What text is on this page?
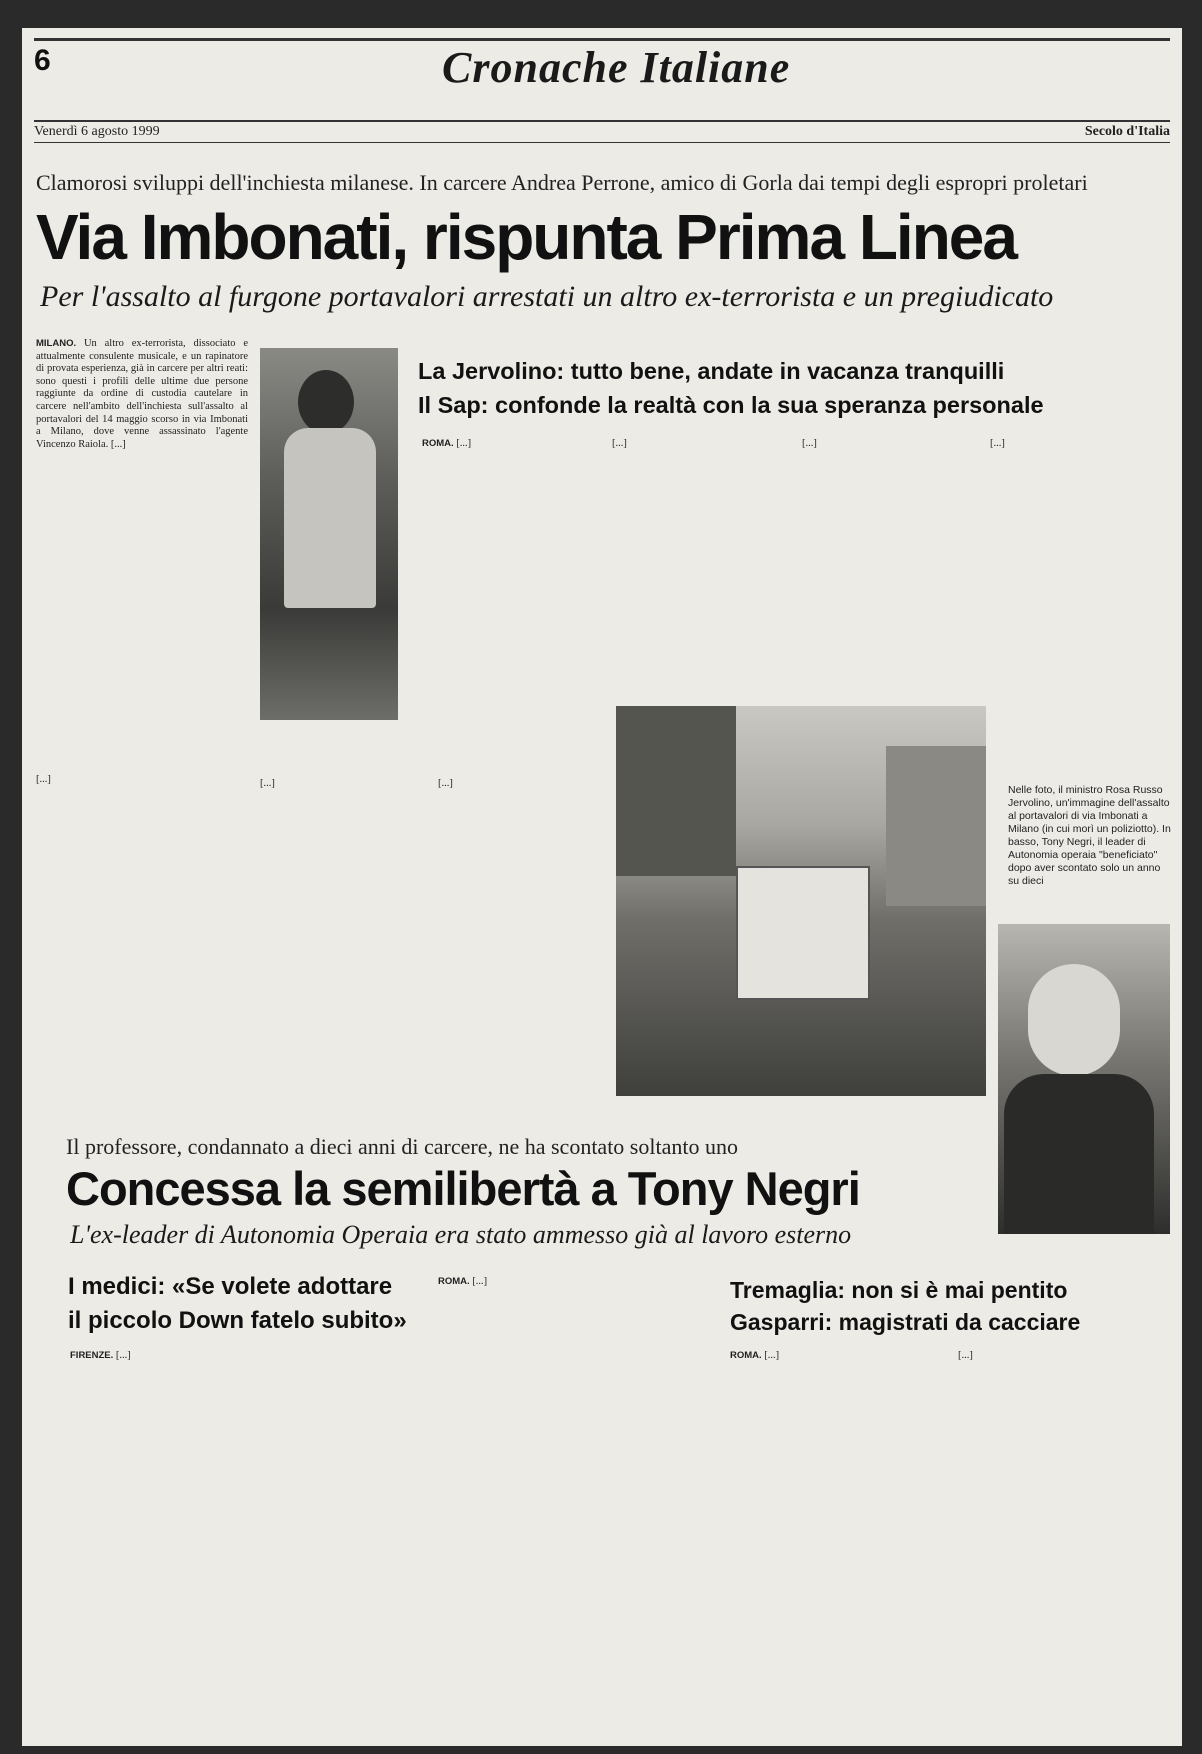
6	Cronache Italiane
Venerdì 6 agosto 1999	Secolo d'Italia
Clamorosi sviluppi dell'inchiesta milanese. In carcere Andrea Perrone, amico di Gorla dai tempi degli espropri proletari
Via Imbonati, rispunta Prima Linea
Per l'assalto al furgone portavalori arrestati un altro ex-terrorista e un pregiudicato

MILANO. Un altro ex-terrorista, dissociato e attualmente consulente musicale, e un rapinatore di provata esperienza, già in carcere per altri reati: sono questi i profili delle ultime due persone raggiunte da ordine di custodia cautelare in carcere nell'ambito dell'inchiesta sull'assalto al portavalori del 14 maggio scorso in via Imbonati a Milano, dove venne assassinato l'agente Vincenzo Raiola. [...]

[...]

La Jervolino: tutto bene, andate in vacanza tranquilli
Il Sap: confonde la realtà con la sua speranza personale

ROMA. [...]	[...]	[...]	[...]

[...]	[...]

Nelle foto, il ministro Rosa Russo Jervolino, un'immagine dell'assalto al portavalori di via Imbonati a Milano (in cui morì un poliziotto). In basso, Tony Negri, il leader di Autonomia operaia "beneficiato" dopo aver scontato solo un anno su dieci
Il professore, condannato a dieci anni di carcere, ne ha scontato soltanto uno
Concessa la semilibertà a Tony Negri
L'ex-leader di Autonomia Operaia era stato ammesso già al lavoro esterno
I medici: «Se volete adottare
il piccolo Down fatelo subito»

FIRENZE. [...]

ROMA. [...]	Tremaglia: non si è mai pentito
Gasparri: magistrati da cacciare

ROMA. [...]	[...]
